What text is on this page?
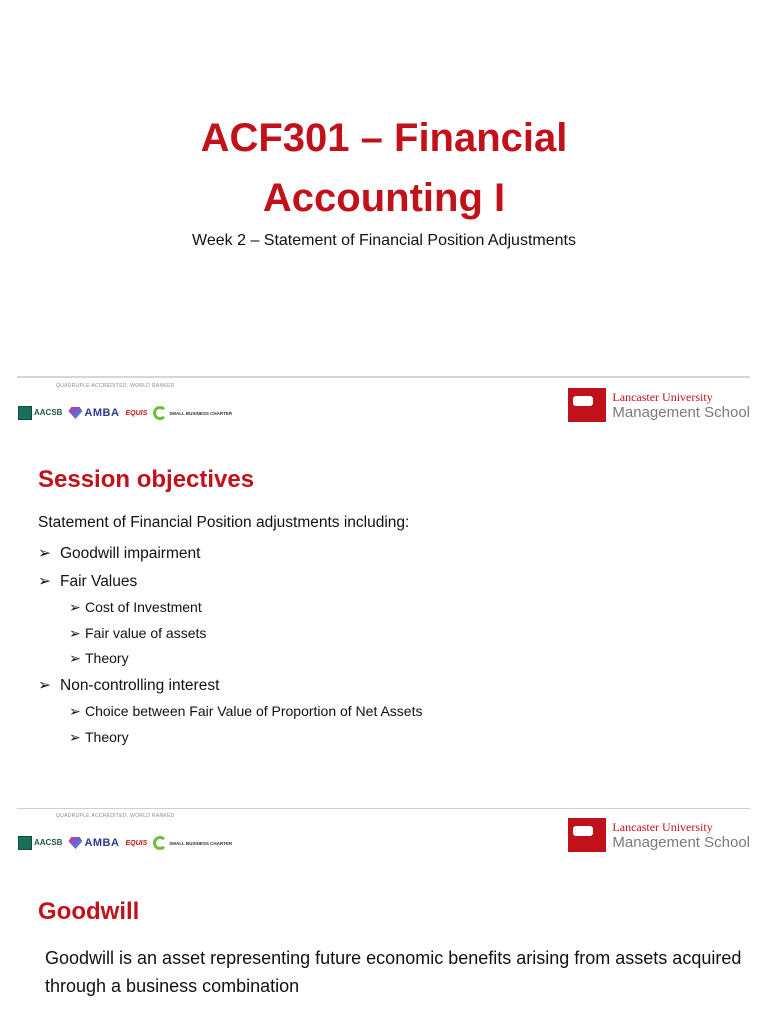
ACF301 – Financial
Accounting I
Week 2 – Statement of Financial Position Adjustments
QUADRUPLE ACCREDITED, WORLD RANKED
AACSB AMBA EQUIS	SMALL BUSINESS CHARTER
Lancaster University
Management School
Session objectives

Statement of Financial Position adjustments including:

➢ Goodwill impairment
➢ Fair Values
➢ Cost of Investment
➢ Fair value of assets
➢ Theory
➢ Non-controlling interest
➢ Choice between Fair Value of Proportion of Net Assets
➢ Theory
QUADRUPLE ACCREDITED, WORLD RANKED
AACSB AMBA EQUIS	SMALL BUSINESS CHARTER
Lancaster University
Management School
Goodwill

Goodwill is an asset representing future economic benefits arising from assets acquired through a business combination
